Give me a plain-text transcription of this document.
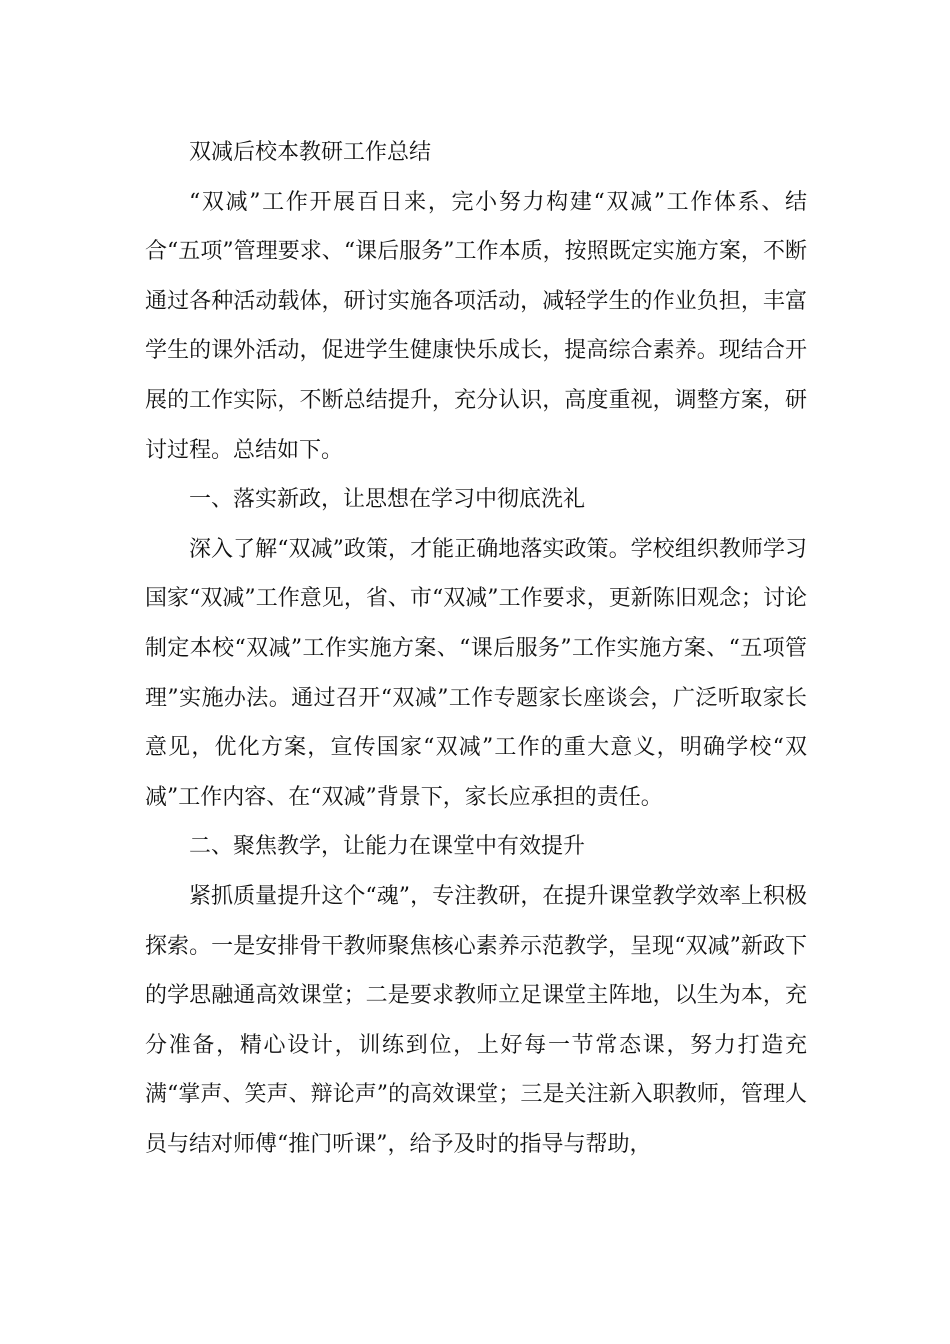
双减后校本教研工作总结

“双减”工作开展百日来，完小努力构建“双减”工作体系、结合“五项”管理要求、“课后服务”工作本质，按照既定实施方案，不断通过各种活动载体，研讨实施各项活动，减轻学生的作业负担，丰富学生的课外活动，促进学生健康快乐成长，提高综合素养。现结合开展的工作实际，不断总结提升，充分认识，高度重视，调整方案，研讨过程。总结如下。

一、落实新政，让思想在学习中彻底洗礼

深入了解“双减”政策，才能正确地落实政策。学校组织教师学习国家“双减”工作意见，省、市“双减”工作要求，更新陈旧观念；讨论制定本校“双减”工作实施方案、“课后服务”工作实施方案、“五项管理”实施办法。通过召开“双减”工作专题家长座谈会，广泛听取家长意见，优化方案，宣传国家“双减”工作的重大意义，明确学校“双减”工作内容、在“双减”背景下，家长应承担的责任。

二、聚焦教学，让能力在课堂中有效提升

紧抓质量提升这个“魂”，专注教研，在提升课堂教学效率上积极探索。一是安排骨干教师聚焦核心素养示范教学，呈现“双减”新政下的学思融通高效课堂；二是要求教师立足课堂主阵地，以生为本，充分准备，精心设计，训练到位，上好每一节常态课，努力打造充满“掌声、笑声、辩论声”的高效课堂；三是关注新入职教师，管理人员与结对师傅“推门听课”，给予及时的指导与帮助，
